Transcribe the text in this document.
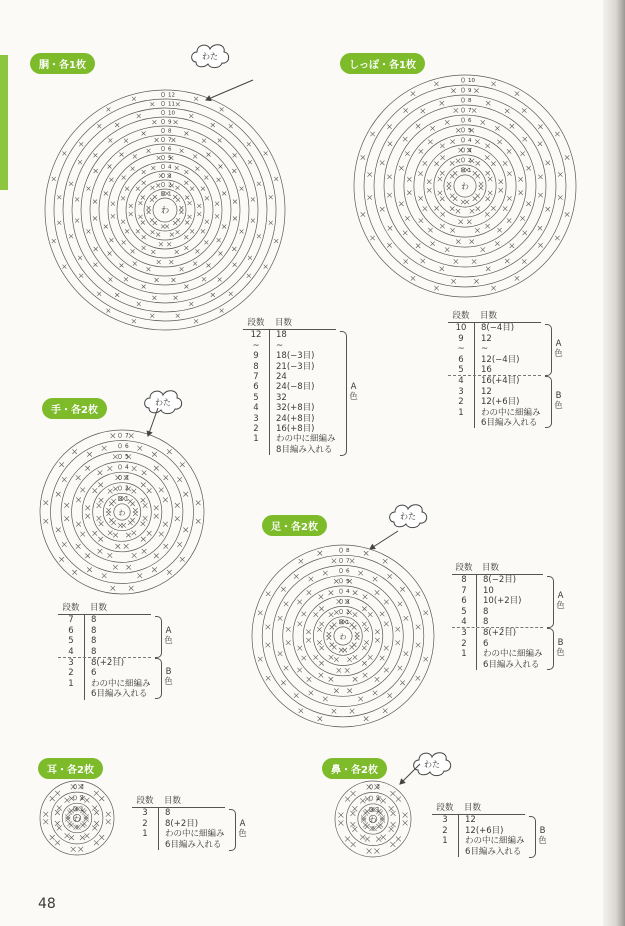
胴・各1枚	しっぽ・各1枚
手・各2枚
足・各2枚
耳・各2枚	鼻・各2枚
わた
わた
わた
わた
わ
1
2
3
4
5
6
7
8
9
10
11
12
わ
1
2
3
4
5
6
7
8
9
10
わ
1
2
3
4
5
6
7
わ
1
2
3
4
5
6
7
8
わ
1
2
3
わ
1
2
3
段数	目数
12	18
~	~
9	18(−3目)
8	21(−3目)
7	24
6	24(−8目)
5	32
4	32(+8目)
3	24(+8目)
2	16(+8目)
1	わの中に細編み
8目編み入れる
段数	目数
10	8(−4目)
9	12
~	~
6	12(−4目)
5	16
4	16(+4目)
3	12
2	12(+6目)
1	わの中に細編み
6目編み入れる
段数	目数
7	8
6	8
5	8
4	8
3	8(+2目)
2	6
1	わの中に細編み
6目編み入れる
段数	目数
8	8(−2目)
7	10
6	10(+2目)
5	8
4	8
3	8(+2目)
2	6
1	わの中に細編み
6目編み入れる
段数	目数
3	8
2	8(+2目)
1	わの中に細編み
6目編み入れる
段数	目数
3	12
2	12(+6目)
1	わの中に細編み
6目編み入れる
48
A色
A色
B色
A色
B色
A色
B色
A色	B色
